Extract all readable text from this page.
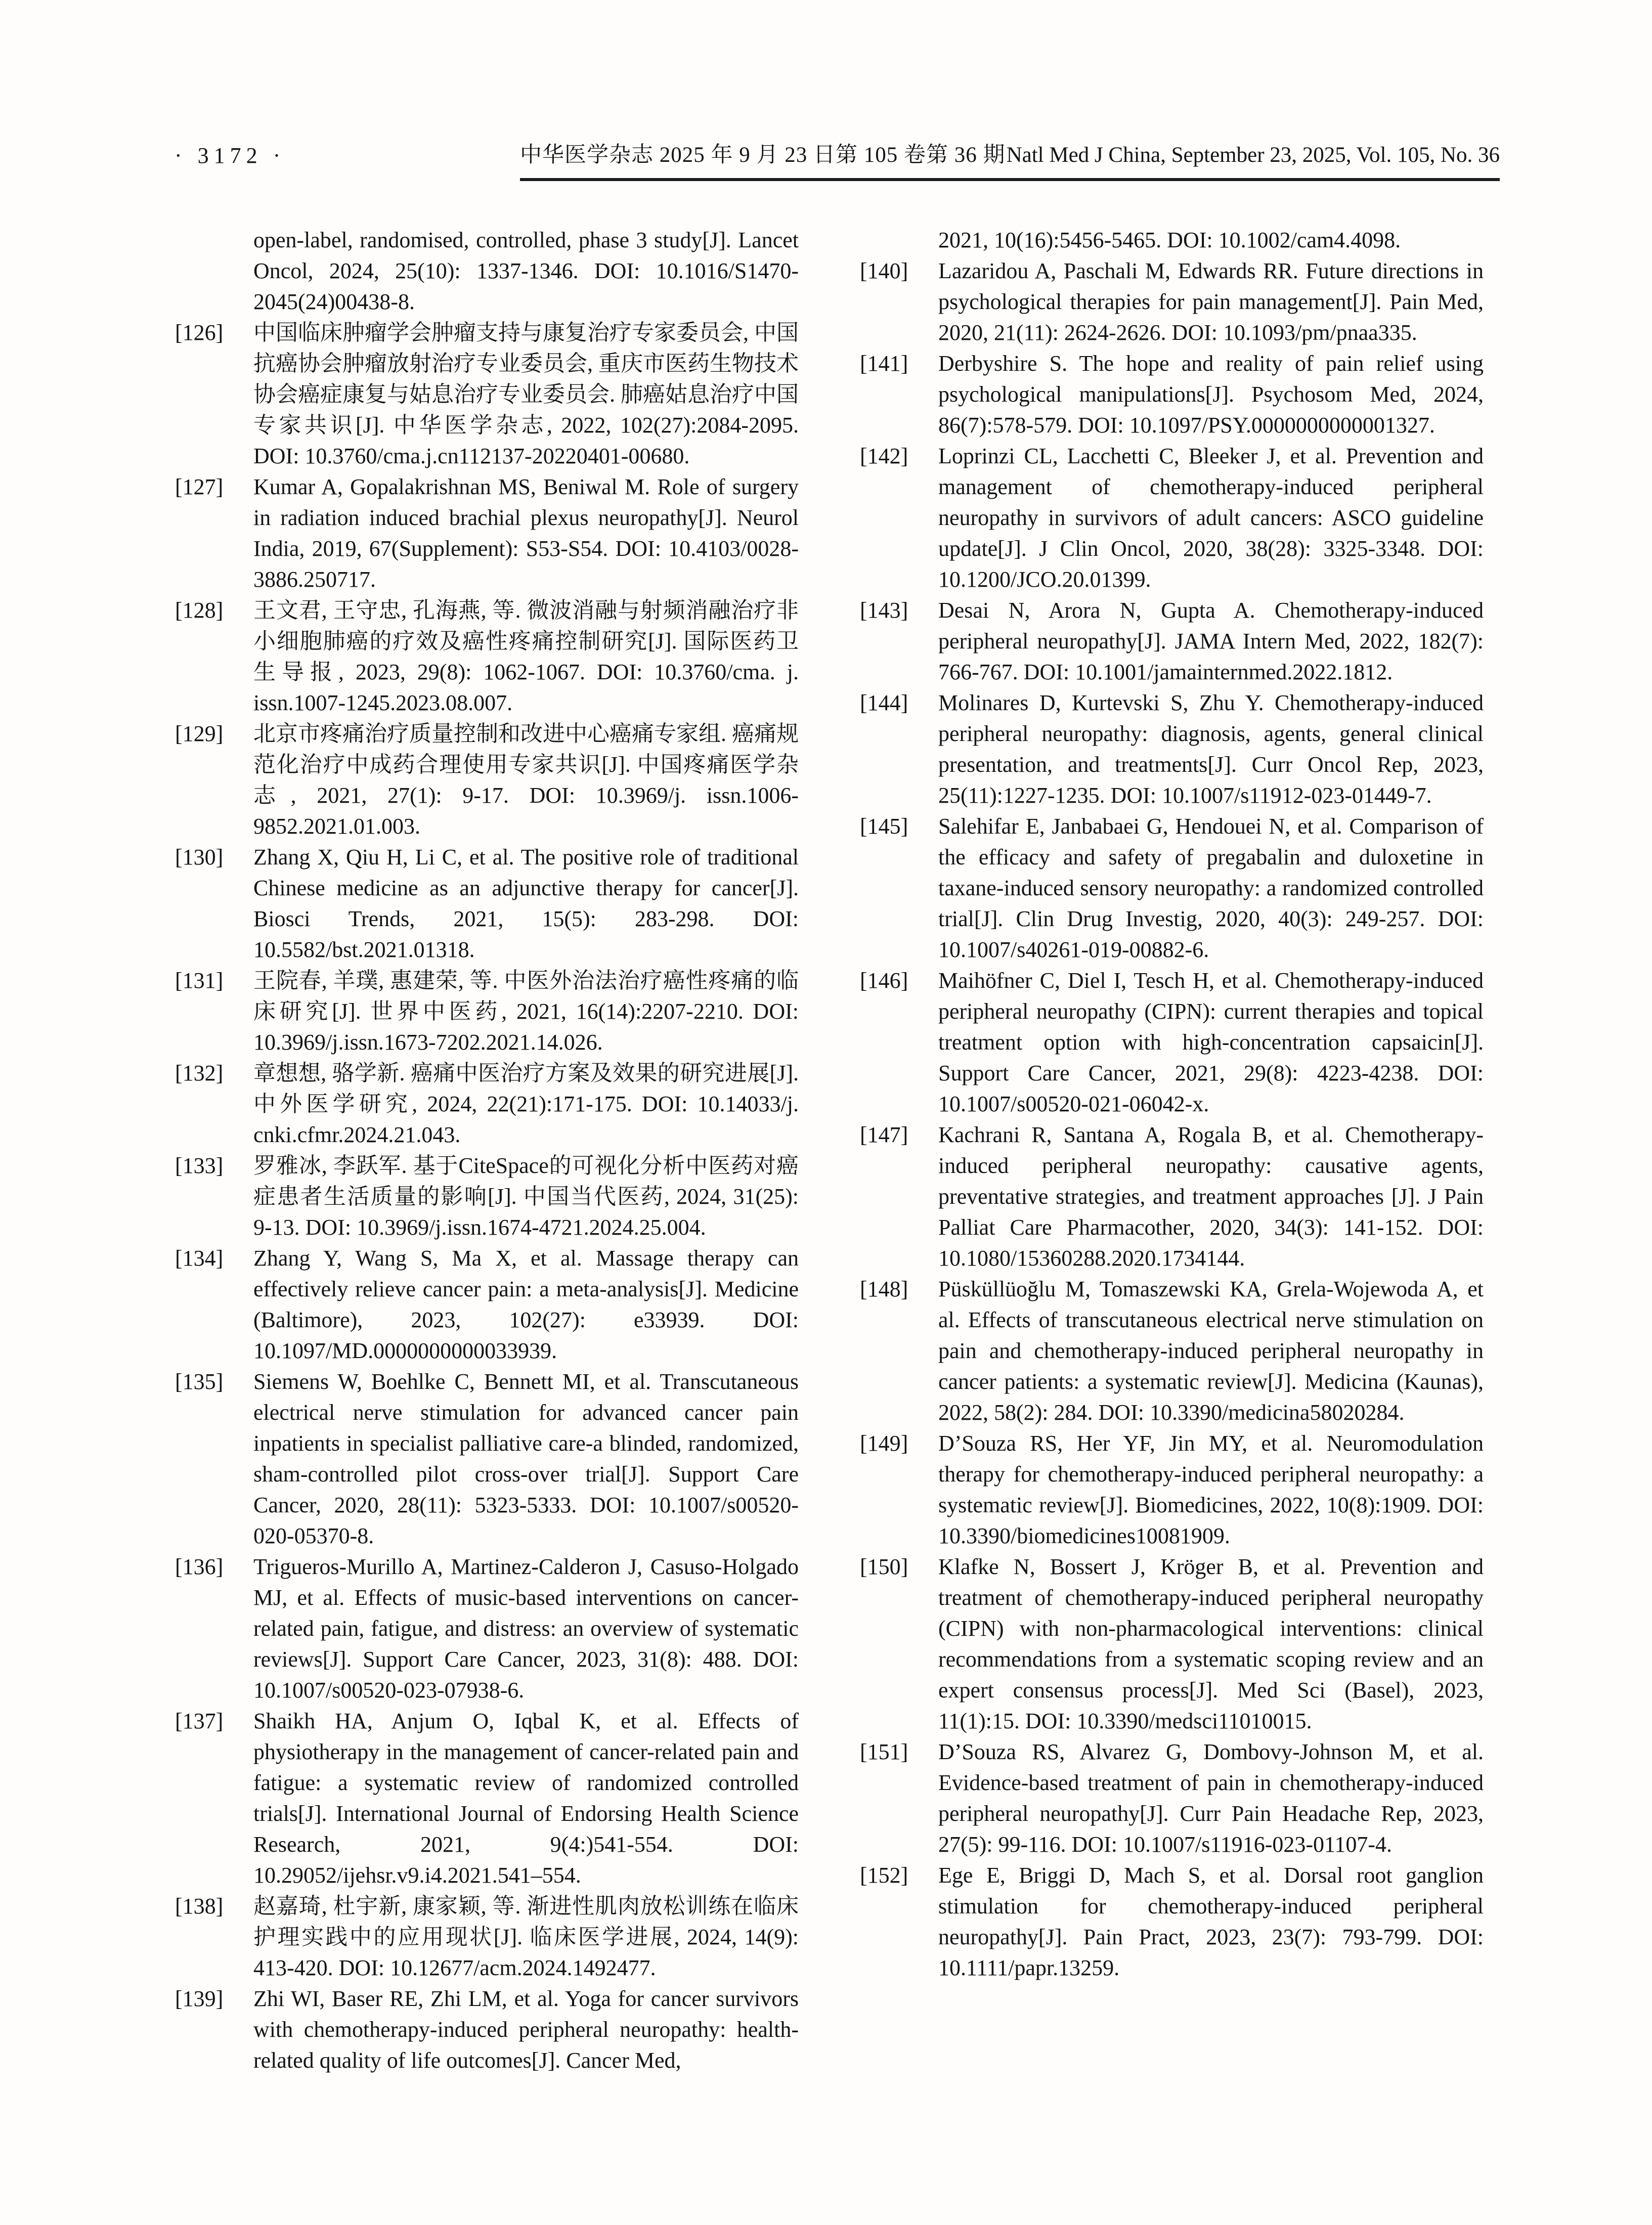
· 3172 ·	中华医学杂志 2025 年 9 月 23 日第 105 卷第 36 期 Natl Med J China, September 23, 2025, Vol. 105, No. 36
open-label, randomised, controlled, phase 3 study[J]. Lancet Oncol, 2024, 25(10): 1337-1346. DOI: 10.1016/S1470-2045(24)00438-8.
[126]	中国临床肿瘤学会肿瘤支持与康复治疗专家委员会, 中国抗癌协会肿瘤放射治疗专业委员会, 重庆市医药生物技术协会癌症康复与姑息治疗专业委员会. 肺癌姑息治疗中国专家共识[J]. 中华医学杂志, 2022, 102(27):2084-2095. DOI: 10.3760/cma.j.cn112137-20220401-00680.
[127]	Kumar A, Gopalakrishnan MS, Beniwal M. Role of surgery in radiation induced brachial plexus neuropathy[J]. Neurol India, 2019, 67(Supplement): S53-S54. DOI: 10.4103/0028-3886.250717.
[128]	王文君, 王守忠, 孔海燕, 等. 微波消融与射频消融治疗非小细胞肺癌的疗效及癌性疼痛控制研究[J]. 国际医药卫生导报, 2023, 29(8): 1062-1067. DOI: 10.3760/cma. j. issn.1007-1245.2023.08.007.
[129]	北京市疼痛治疗质量控制和改进中心癌痛专家组. 癌痛规范化治疗中成药合理使用专家共识[J]. 中国疼痛医学杂志, 2021, 27(1): 9-17. DOI: 10.3969/j. issn.1006-9852.2021.01.003.
[130]	Zhang X, Qiu H, Li C, et al. The positive role of traditional Chinese medicine as an adjunctive therapy for cancer[J]. Biosci Trends, 2021, 15(5): 283-298. DOI: 10.5582/bst.2021.01318.
[131]	王院春, 羊璞, 惠建荣, 等. 中医外治法治疗癌性疼痛的临床研究[J]. 世界中医药, 2021, 16(14):2207-2210. DOI: 10.3969/j.issn.1673-7202.2021.14.026.
[132]	章想想, 骆学新. 癌痛中医治疗方案及效果的研究进展[J]. 中外医学研究, 2024, 22(21):171-175. DOI: 10.14033/j. cnki.cfmr.2024.21.043.
[133]	罗雅冰, 李跃军. 基于CiteSpace的可视化分析中医药对癌症患者生活质量的影响[J]. 中国当代医药, 2024, 31(25): 9-13. DOI: 10.3969/j.issn.1674-4721.2024.25.004.
[134]	Zhang Y, Wang S, Ma X, et al. Massage therapy can effectively relieve cancer pain: a meta-analysis[J]. Medicine (Baltimore), 2023, 102(27): e33939. DOI: 10.1097/MD.0000000000033939.
[135]	Siemens W, Boehlke C, Bennett MI, et al. Transcutaneous electrical nerve stimulation for advanced cancer pain inpatients in specialist palliative care-a blinded, randomized, sham-controlled pilot cross-over trial[J]. Support Care Cancer, 2020, 28(11): 5323-5333. DOI: 10.1007/s00520-020-05370-8.
[136]	Trigueros-Murillo A, Martinez-Calderon J, Casuso-Holgado MJ, et al. Effects of music-based interventions on cancer-related pain, fatigue, and distress: an overview of systematic reviews[J]. Support Care Cancer, 2023, 31(8): 488. DOI: 10.1007/s00520-023-07938-6.
[137]	Shaikh HA, Anjum O, Iqbal K, et al. Effects of physiotherapy in the management of cancer-related pain and fatigue: a systematic review of randomized controlled trials[J]. International Journal of Endorsing Health Science Research, 2021, 9(4:)541-554. DOI: 10.29052/ijehsr.v9.i4.2021.541–554.
[138]	赵嘉琦, 杜宇新, 康家颖, 等. 渐进性肌肉放松训练在临床护理实践中的应用现状[J]. 临床医学进展, 2024, 14(9): 413-420. DOI: 10.12677/acm.2024.1492477.
[139]	Zhi WI, Baser RE, Zhi LM, et al. Yoga for cancer survivors with chemotherapy-induced peripheral neuropathy: health-related quality of life outcomes[J]. Cancer Med,
2021, 10(16):5456-5465. DOI: 10.1002/cam4.4098.
[140]	Lazaridou A, Paschali M, Edwards RR. Future directions in psychological therapies for pain management[J]. Pain Med, 2020, 21(11): 2624-2626. DOI: 10.1093/pm/pnaa335.
[141]	Derbyshire S. The hope and reality of pain relief using psychological manipulations[J]. Psychosom Med, 2024, 86(7):578-579. DOI: 10.1097/PSY.0000000000001327.
[142]	Loprinzi CL, Lacchetti C, Bleeker J, et al. Prevention and management of chemotherapy-induced peripheral neuropathy in survivors of adult cancers: ASCO guideline update[J]. J Clin Oncol, 2020, 38(28): 3325-3348. DOI: 10.1200/JCO.20.01399.
[143]	Desai N, Arora N, Gupta A. Chemotherapy-induced peripheral neuropathy[J]. JAMA Intern Med, 2022, 182(7): 766-767. DOI: 10.1001/jamainternmed.2022.1812.
[144]	Molinares D, Kurtevski S, Zhu Y. Chemotherapy-induced peripheral neuropathy: diagnosis, agents, general clinical presentation, and treatments[J]. Curr Oncol Rep, 2023, 25(11):1227-1235. DOI: 10.1007/s11912-023-01449-7.
[145]	Salehifar E, Janbabaei G, Hendouei N, et al. Comparison of the efficacy and safety of pregabalin and duloxetine in taxane-induced sensory neuropathy: a randomized controlled trial[J]. Clin Drug Investig, 2020, 40(3): 249-257. DOI: 10.1007/s40261-019-00882-6.
[146]	Maihöfner C, Diel I, Tesch H, et al. Chemotherapy-induced peripheral neuropathy (CIPN): current therapies and topical treatment option with high-concentration capsaicin[J]. Support Care Cancer, 2021, 29(8): 4223-4238. DOI: 10.1007/s00520-021-06042-x.
[147]	Kachrani R, Santana A, Rogala B, et al. Chemotherapy-induced peripheral neuropathy: causative agents, preventative strategies, and treatment approaches [J]. J Pain Palliat Care Pharmacother, 2020, 34(3): 141-152. DOI: 10.1080/15360288.2020.1734144.
[148]	Püsküllüoğlu M, Tomaszewski KA, Grela-Wojewoda A, et al. Effects of transcutaneous electrical nerve stimulation on pain and chemotherapy-induced peripheral neuropathy in cancer patients: a systematic review[J]. Medicina (Kaunas), 2022, 58(2): 284. DOI: 10.3390/medicina58020284.
[149]	D’Souza RS, Her YF, Jin MY, et al. Neuromodulation therapy for chemotherapy-induced peripheral neuropathy: a systematic review[J]. Biomedicines, 2022, 10(8):1909. DOI: 10.3390/biomedicines10081909.
[150]	Klafke N, Bossert J, Kröger B, et al. Prevention and treatment of chemotherapy-induced peripheral neuropathy (CIPN) with non-pharmacological interventions: clinical recommendations from a systematic scoping review and an expert consensus process[J]. Med Sci (Basel), 2023, 11(1):15. DOI: 10.3390/medsci11010015.
[151]	D’Souza RS, Alvarez G, Dombovy-Johnson M, et al. Evidence-based treatment of pain in chemotherapy-induced peripheral neuropathy[J]. Curr Pain Headache Rep, 2023, 27(5): 99-116. DOI: 10.1007/s11916-023-01107-4.
[152]	Ege E, Briggi D, Mach S, et al. Dorsal root ganglion stimulation for chemotherapy-induced peripheral neuropathy[J]. Pain Pract, 2023, 23(7): 793-799. DOI: 10.1111/papr.13259.
